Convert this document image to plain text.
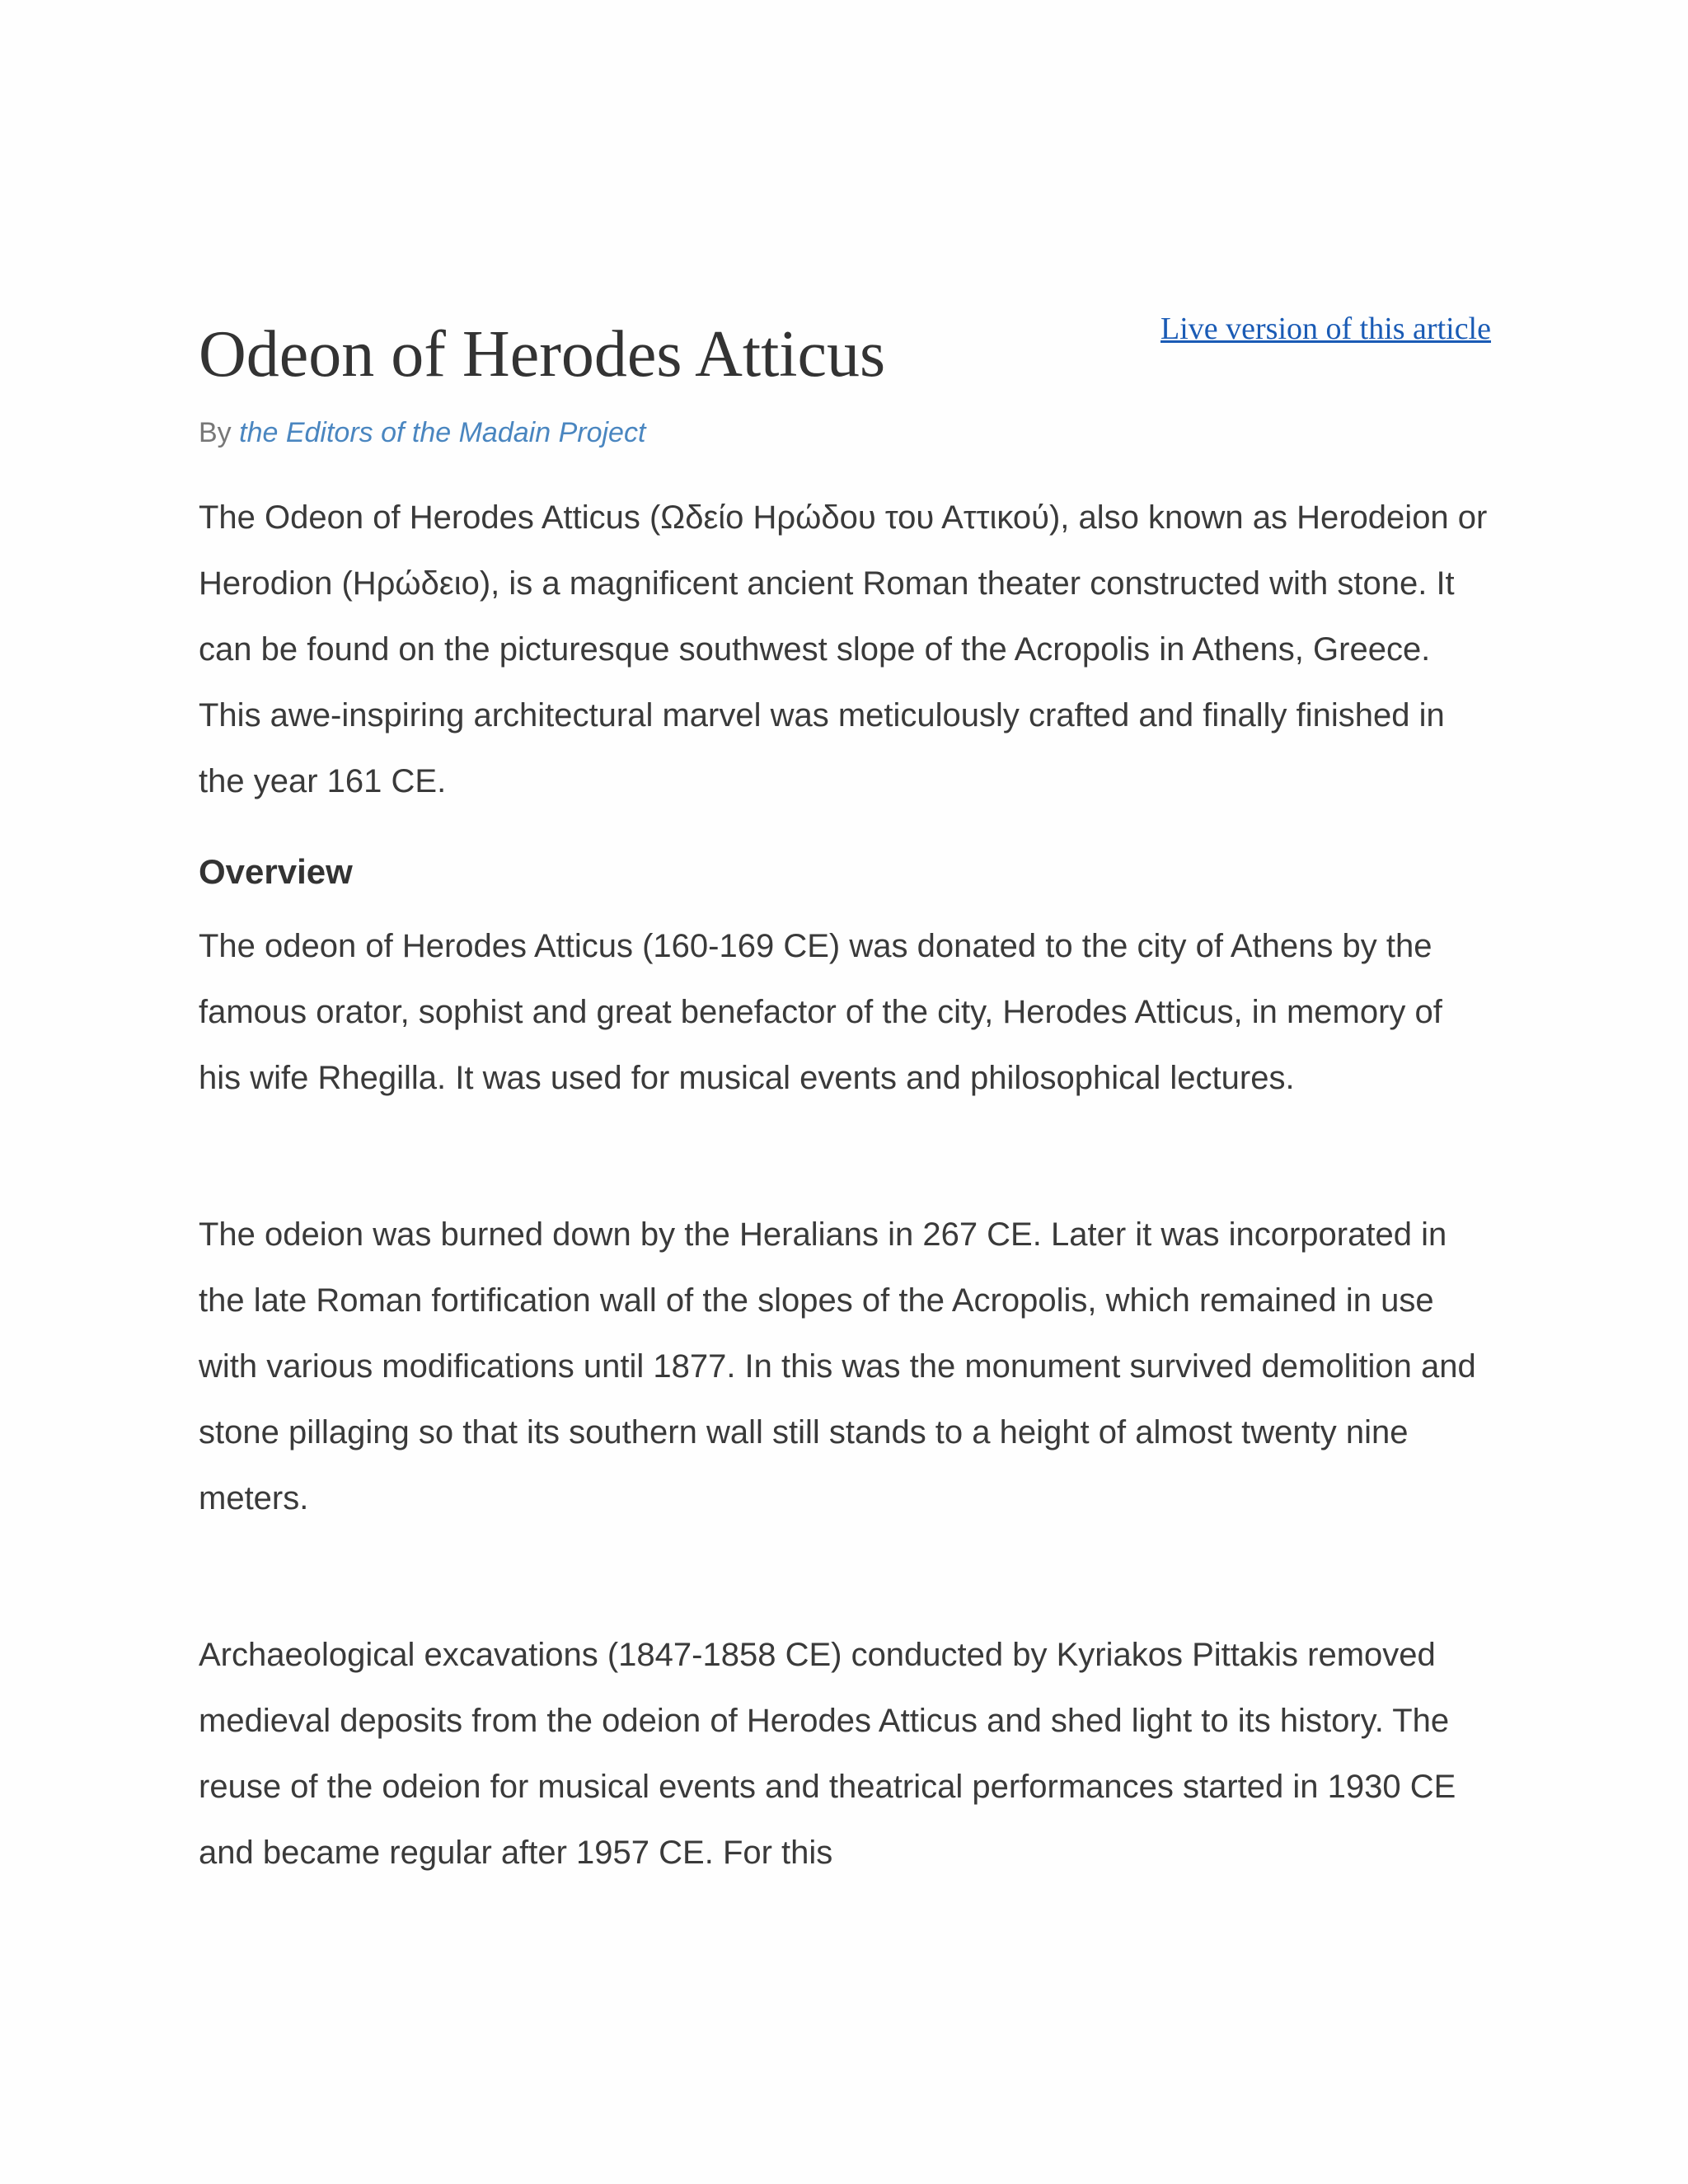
Odeon of Herodes Atticus	Live version of this article
By the Editors of the Madain Project

The Odeon of Herodes Atticus (Ωδείο Ηρώδου του Αττικού), also known as Herodeion or Herodion (Ηρώδειο), is a magnificent ancient Roman theater constructed with stone. It can be found on the picturesque southwest slope of the Acropolis in Athens, Greece. This awe-inspiring architectural marvel was meticulously crafted and finally finished in the year 161 CE.

Overview

The odeon of Herodes Atticus (160-169 CE) was donated to the city of Athens by the famous orator, sophist and great benefactor of the city, Herodes Atticus, in memory of his wife Rhegilla. It was used for musical events and philosophical lectures.

The odeion was burned down by the Heralians in 267 CE. Later it was incorporated in the late Roman fortification wall of the slopes of the Acropolis, which remained in use with various modifications until 1877. In this was the monument survived demolition and stone pillaging so that its southern wall still stands to a height of almost twenty nine meters.

Archaeological excavations (1847-1858 CE) conducted by Kyriakos Pittakis removed medieval deposits from the odeion of Herodes Atticus and shed light to its history. The reuse of the odeion for musical events and theatrical performances started in 1930 CE and became regular after 1957 CE. For this
